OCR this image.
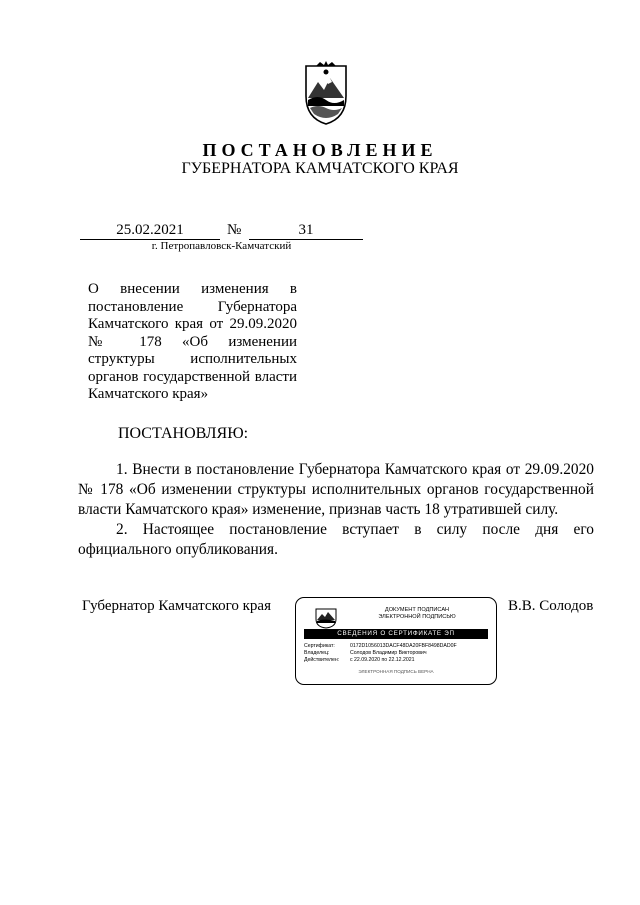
ПОСТАНОВЛЕНИЕ
ГУБЕРНАТОРА КАМЧАТСКОГО КРАЯ
25.02.2021	№	31
г. Петропавловск-Камчатский
О внесении изменения в постановление Губернатора Камчатского края от 29.09.2020 № 178 «Об изменении структуры исполнительных органов государственной власти Камчатского края»
ПОСТАНОВЛЯЮ:

1. Внести в постановление Губернатора Камчатского края от 29.09.2020 № 178 «Об изменении структуры исполнительных органов государственной власти Камчатского края» изменение, признав часть 18 утратившей силу.

2. Настоящее постановление вступает в силу после дня его официального опубликования.

Губернатор Камчатского края	ДОКУМЕНТ ПОДПИСАН
ЭЛЕКТРОННОЙ ПОДПИСЬЮ
СВЕДЕНИЯ О СЕРТИФИКАТЕ ЭП
Сертификат:	0172D1056013DACF48DA20FBF8498DAD0F
Владелец:	Солодов Владимир Викторович
Действителен: с 22.09.2020 по 22.12.2021
ЭЛЕКТРОННАЯ ПОДПИСЬ ВЕРНА
В.В. Солодов
